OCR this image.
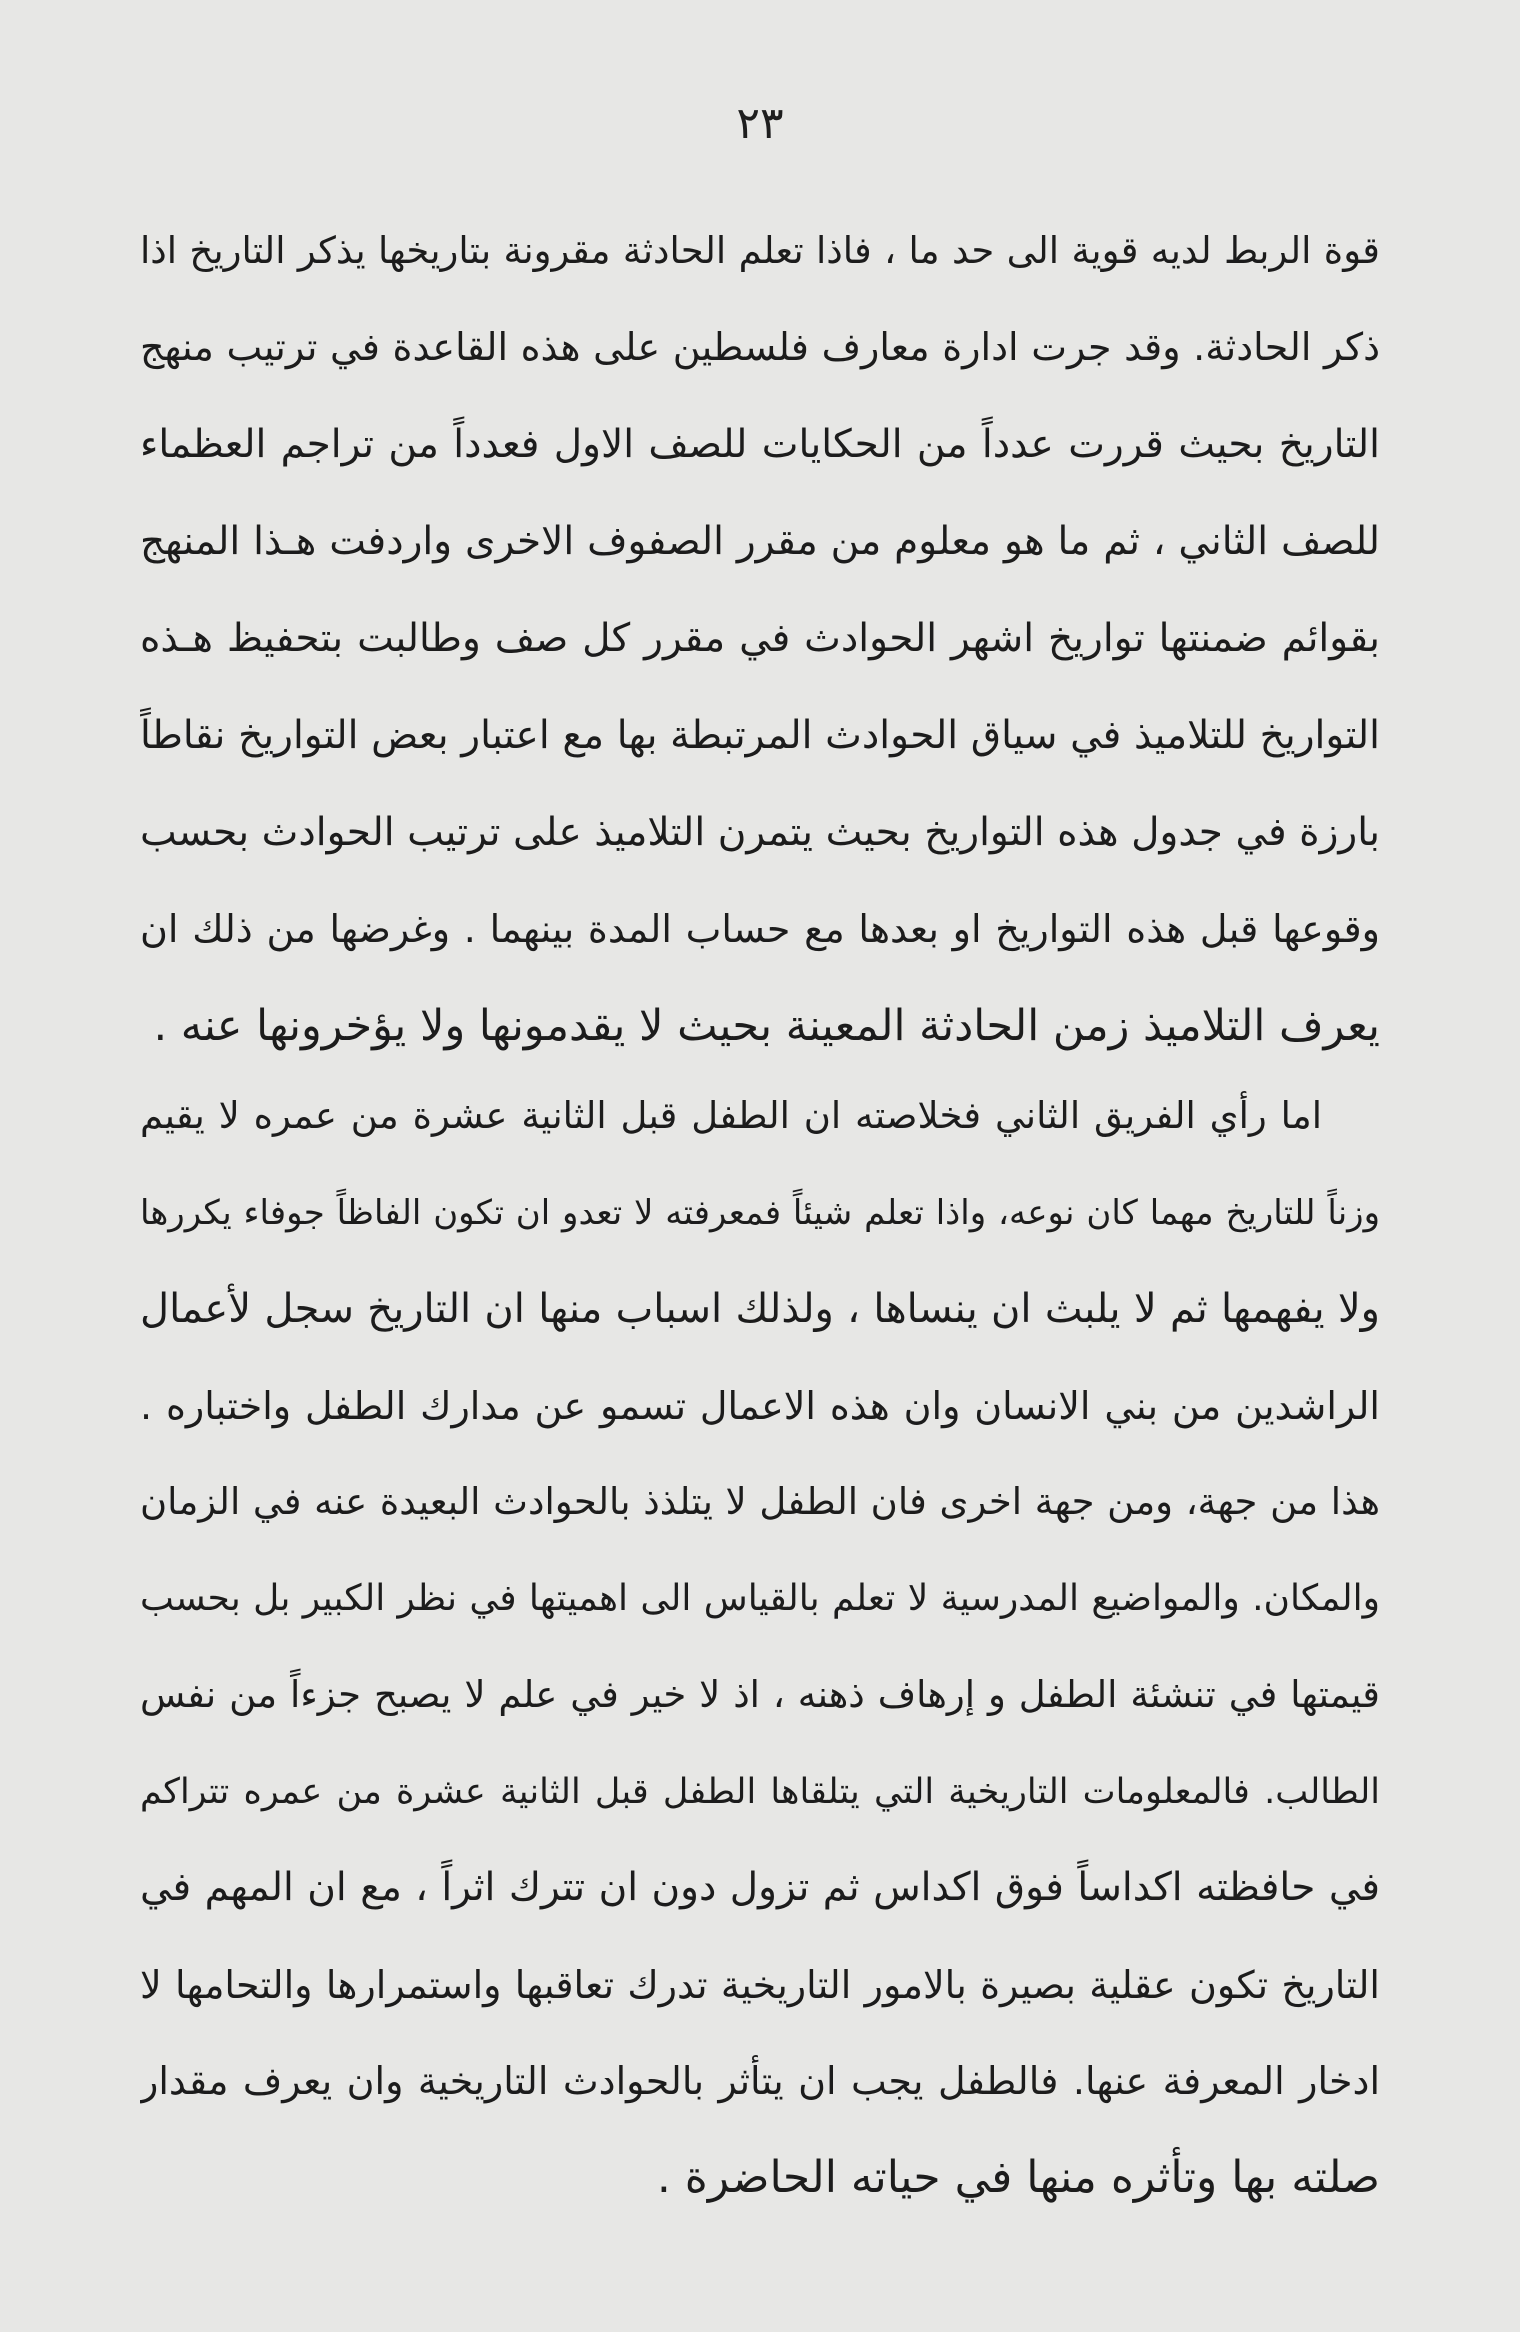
٢٣
قوة الربط لديه قوية الى حد ما ، فاذا تعلم الحادثة مقرونة بتاريخها يذكر التاريخ اذا
ذكر الحادثة. وقد جرت ادارة معارف فلسطين على هذه القاعدة في ترتيب منهج
التاريخ بحيث قررت عدداً من الحكايات للصف الاول فعدداً من تراجم العظماء
للصف الثاني ، ثم ما هو معلوم من مقرر الصفوف الاخرى واردفت هـذا المنهج
بقوائم ضمنتها تواريخ اشهر الحوادث في مقرر كل صف وطالبت بتحفيظ هـذه
التواريخ للتلاميذ في سياق الحوادث المرتبطة بها مع اعتبار بعض التواريخ نقاطاً
بارزة في جدول هذه التواريخ بحيث يتمرن التلاميذ على ترتيب الحوادث بحسب
وقوعها قبل هذه التواريخ او بعدها مع حساب المدة بينهما . وغرضها من ذلك ان
يعرف التلاميذ زمن الحادثة المعينة بحيث لا يقدمونها ولا يؤخرونها عنه .
اما رأي الفريق الثاني فخلاصته ان الطفل قبل الثانية عشرة من عمره لا يقيم
وزناً للتاريخ مهما كان نوعه، واذا تعلم شيئاً فمعرفته لا تعدو ان تكون الفاظاً جوفاء يكررها
ولا يفهمها ثم لا يلبث ان ينساها ، ولذلك اسباب منها ان التاريخ سجل لأعمال
الراشدين من بني الانسان وان هذه الاعمال تسمو عن مدارك الطفل واختباره .
هذا من جهة، ومن جهة اخرى فان الطفل لا يتلذذ بالحوادث البعيدة عنه في الزمان
والمكان. والمواضيع المدرسية لا تعلم بالقياس الى اهميتها في نظر الكبير بل بحسب
قيمتها في تنشئة الطفل و إرهاف ذهنه ، اذ لا خير في علم لا يصبح جزءاً من نفس
الطالب. فالمعلومات التاريخية التي يتلقاها الطفل قبل الثانية عشرة من عمره تتراكم
في حافظته اكداساً فوق اكداس ثم تزول دون ان تترك اثراً ، مع ان المهم في
التاريخ تكون عقلية بصيرة بالامور التاريخية تدرك تعاقبها واستمرارها والتحامها لا
ادخار المعرفة عنها. فالطفل يجب ان يتأثر بالحوادث التاريخية وان يعرف مقدار
صلته بها وتأثره منها في حياته الحاضرة .
